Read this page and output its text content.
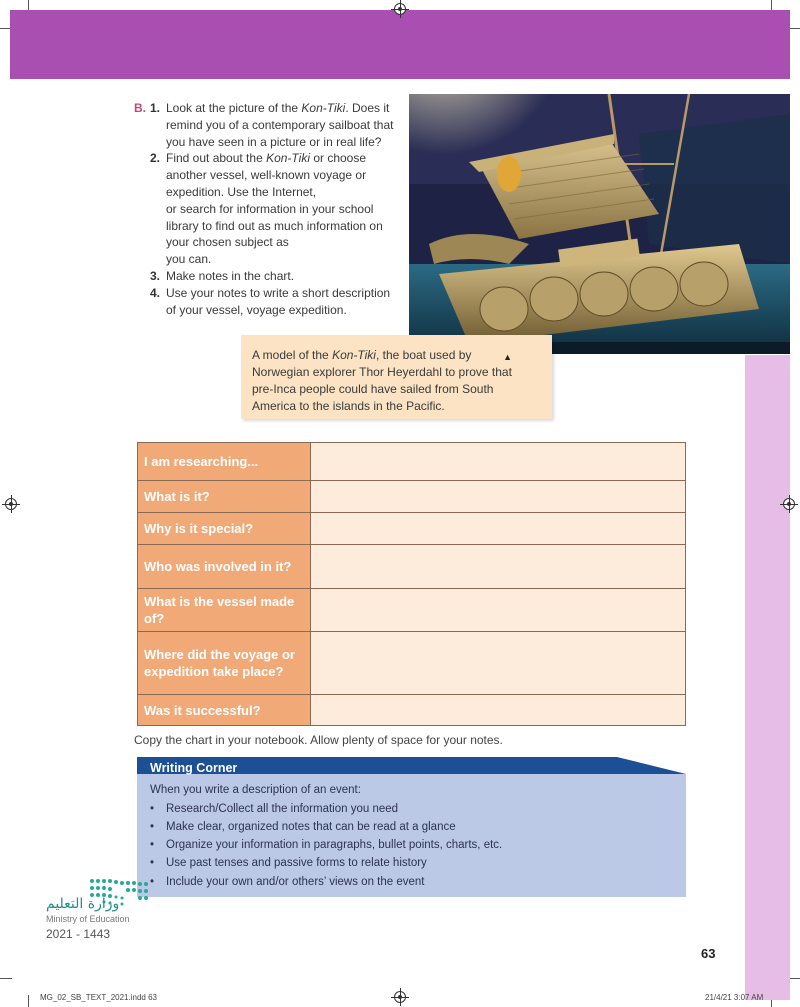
B. 1. Look at the picture of the Kon-Tiki. Does it
remind you of a contemporary sailboat that
you have seen in a picture or in real life?
2. Find out about the Kon-Tiki or choose
another vessel, well-known voyage or
expedition. Use the Internet,
or search for information in your school
library to find out as much information on
your chosen subject as
you can.
3. Make notes in the chart.
4. Use your notes to write a short description
of your vessel, voyage expedition.
A model of the Kon-Tiki, the boat used by
Norwegian explorer Thor Heyerdahl to prove that
pre-Inca people could have sailed from South
America to the islands in the Pacific.
▲
I am researching...	
What is it?	
Why is it special?	
Who was involved in it?	
What is the vessel made of?	
Where did the voyage or expedition take place?	
Was it successful?	
Copy the chart in your notebook. Allow plenty of space for your notes.
Writing Corner
When you write a description of an event:
• Research/Collect all the information you need
• Make clear, organized notes that can be read at a glance
• Organize your information in paragraphs, bullet points, charts, etc.
• Use past tenses and passive forms to relate history
• Include your own and/or others’ views on the event
وزارة التعليم
Ministry of Education
2021 - 1443
63
MG_02_SB_TEXT_2021.indd 63	21/4/21 3:07 AM
